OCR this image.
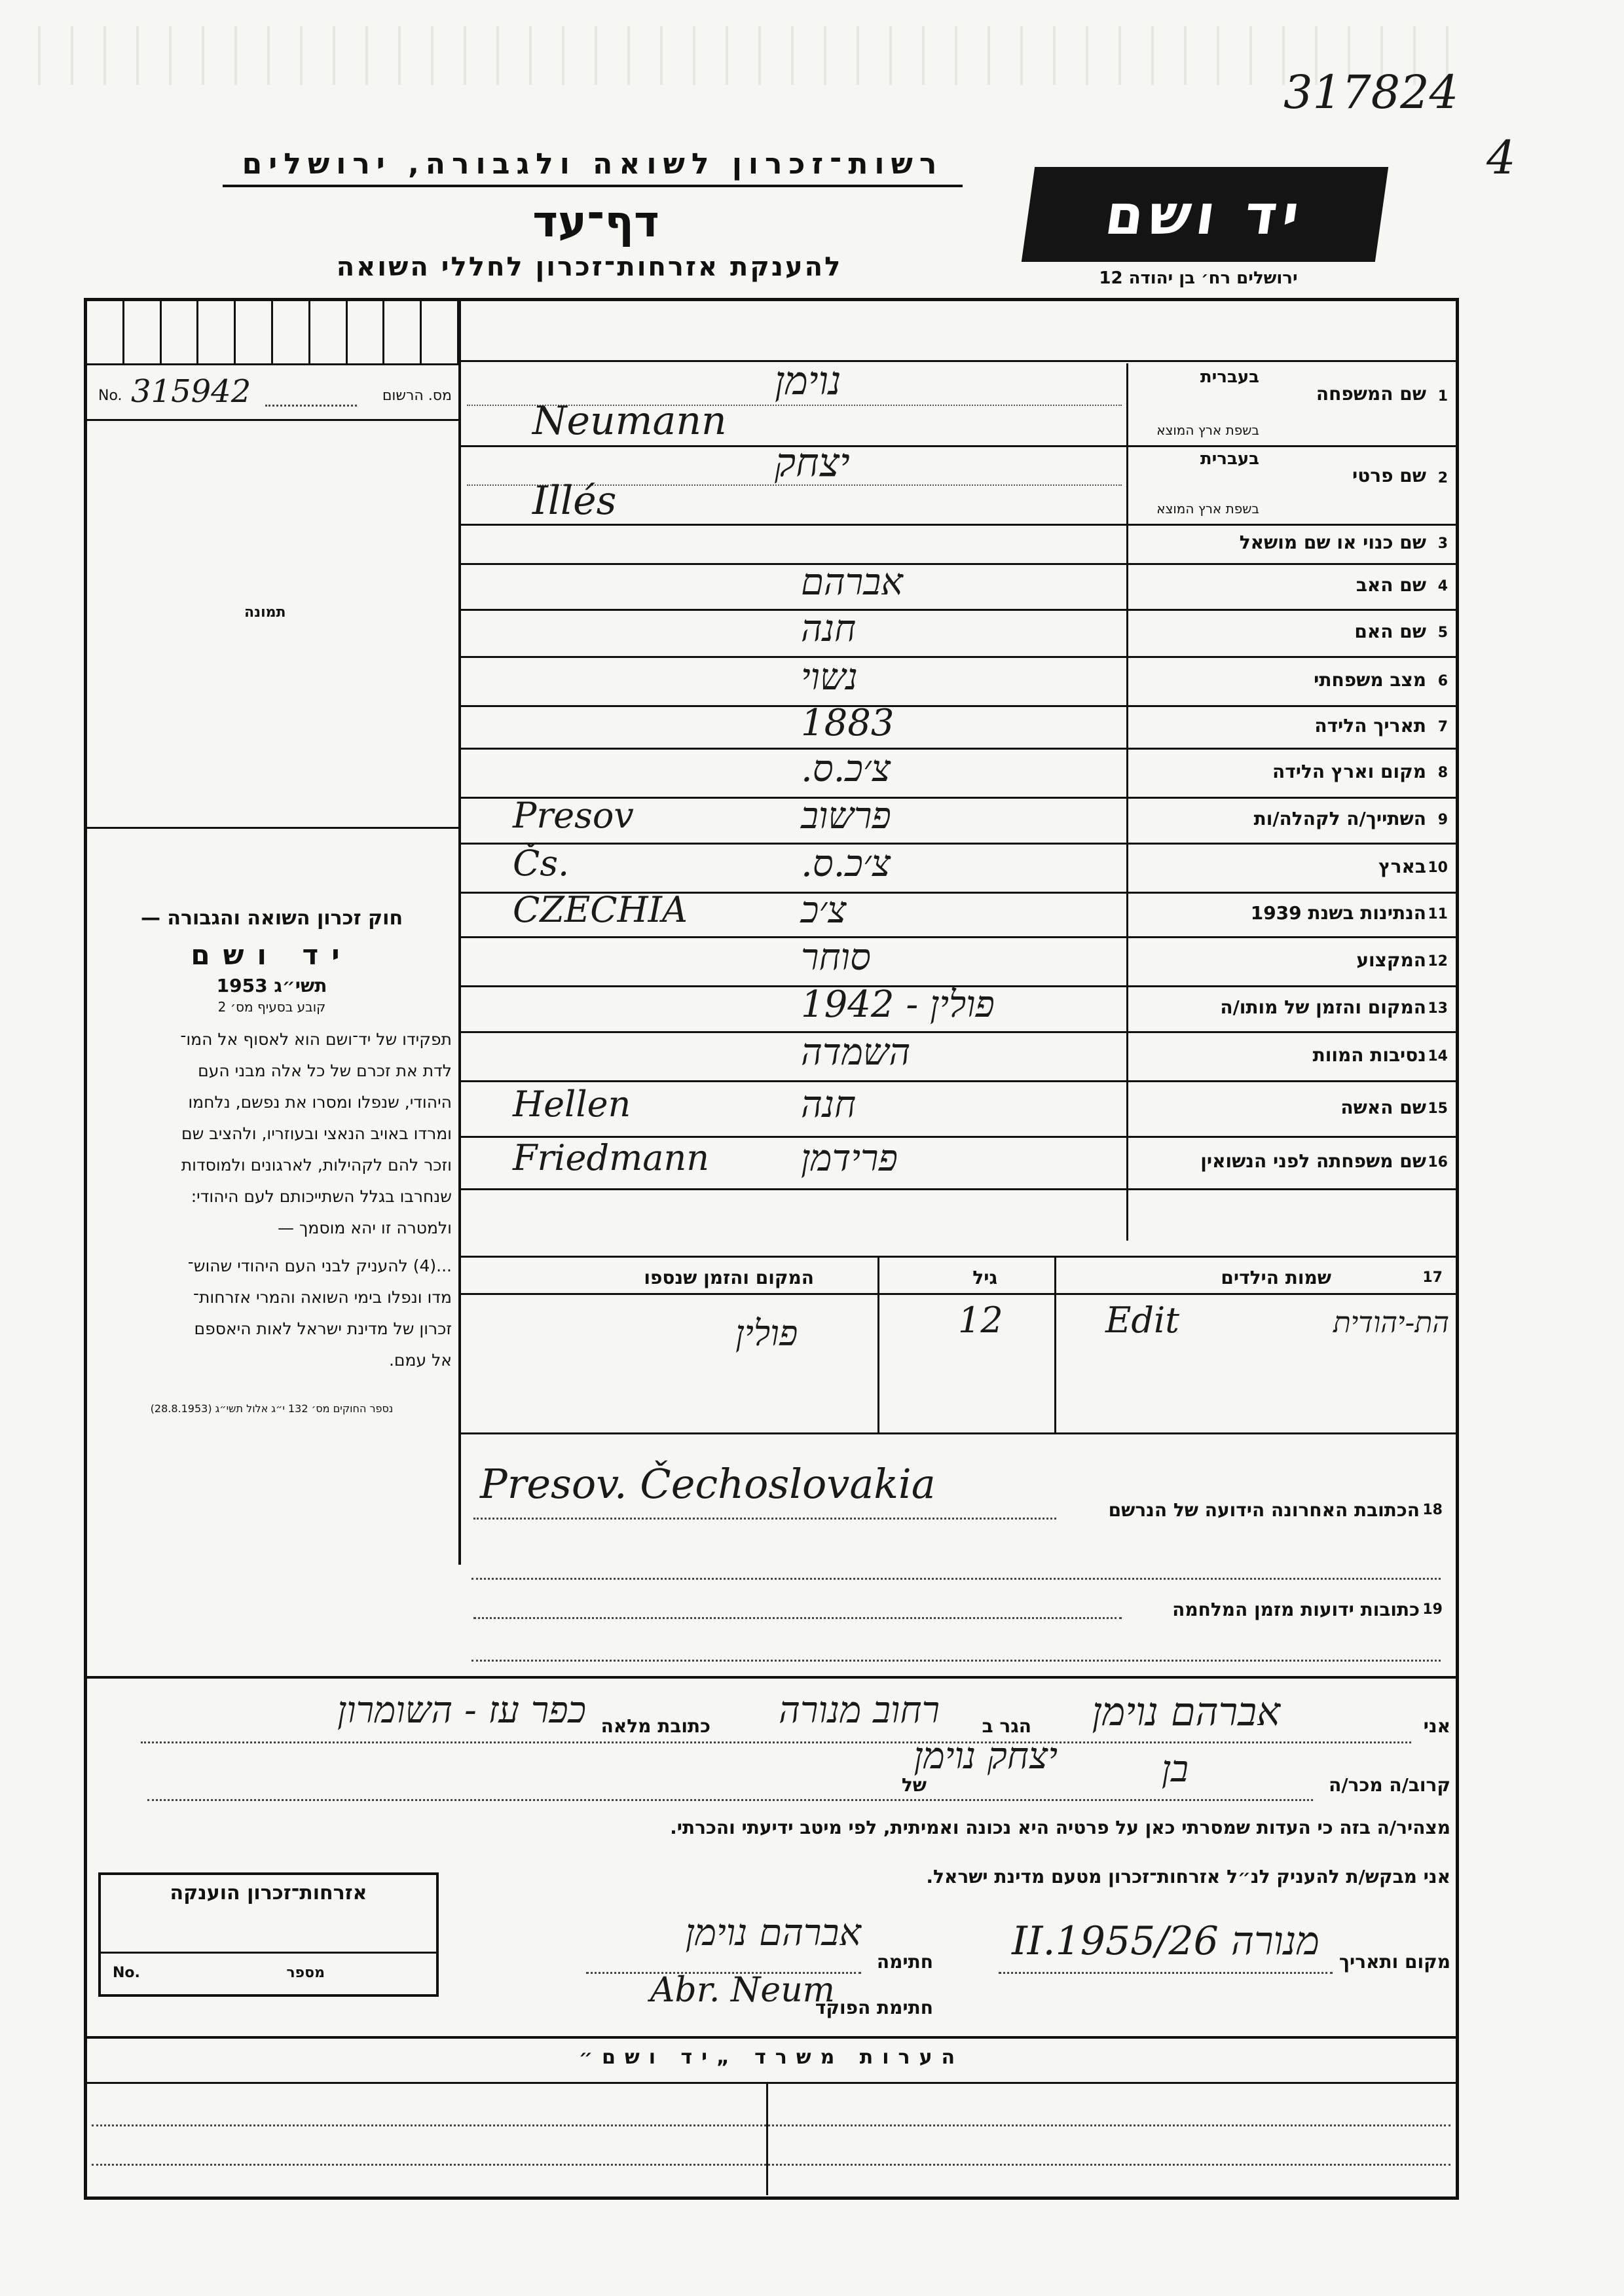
317824
4
רשות־זכרון לשואה ולגבורה, ירושלים
דף־עד
להענקת אזרחות־זכרון לחללי השואה
יד ושם
ירושלים רח׳ בן יהודה 12
No. 315942	מס. הרשום
תמונה
חוק זכרון השואה והגבורה —
יד ושם
תשי״ג 1953
קובע בסעיף מס׳ 2
תפקידו של יד־ושם הוא לאסוף אל המו־
לדת את זכרם של כל אלה מבני העם
היהודי, שנפלו ומסרו את נפשם, נלחמו
ומרדו באויב הנאצי ובעוזריו, ולהציב שם
וזכר להם לקהילות, לארגונים ולמוסדות
שנחרבו בגלל השתייכותם לעם היהודי:
ולמטרה זו יהא מוסמך —
...(4) להעניק לבני העם היהודי שהוש־
מדו ונפלו בימי השואה והמרי אזרחות־
זכרון של מדינת ישראל לאות היאספם
אל עמם.
נספר החוקים מס׳ 132 י״ג אלול תשי״ג (28.8.1953)
1
שם המשפחה
בעברית
בשפת ארץ המוצא
נוימן
Neumann
2
שם פרטי
בעברית
בשפת ארץ המוצא
יצחק
Illés
3
שם כנוי או שם מושאל
4
שם האב
אברהם
5
שם האם
חנה
6
מצב משפחתי
נשוי
7
תאריך הלידה
1883
8
מקום וארץ הלידה
צ׳כ.ס.
9
השתייך/ה לקהלה/ות
פרשוב
Presov
10
בארץ
צ׳כ.ס.
Čs.
11
הנתינות בשנת 1939
צ׳כ
CZECHIA
12
המקצוע
סוחר
13
המקום והזמן של מותו/ה
פולין - 1942
14
נסיבות המוות
השמדה
15
שם האשה
חנה
Hellen
16
שם משפחתה לפני הנשואין
פרידמן
Friedmann
17
שמות הילדים
גיל
המקום והזמן שנספו
הת-יהודית
Edit
12
פולין
Presov. Čechoslovakia
הכתובת האחרונה הידועה של הנרשם 18
כתובות ידועות מזמן המלחמה 19
אני
אברהם נוימן
הגר ב
רחוב מנורה
כתובת מלאה
כפר עז - השומרון
קרוב/ה מכר/ה
בן
של
יצחק נוימן
מצהיר/ה בזה כי העדות שמסרתי כאן על פרטיה היא נכונה ואמיתית, לפי מיטב ידיעתי והכרתי.
אני מבקש/ת להעניק לנ״ל אזרחות־זכרון מטעם מדינת ישראל.
אזרחות־זכרון הוענקה
מספר
No.
מקום ותאריך
מנורה 26/II.1955
חתימה
אברהם נוימן
חתימת הפוקד
Abr. Neum
הערות משרד „יד ושם״
